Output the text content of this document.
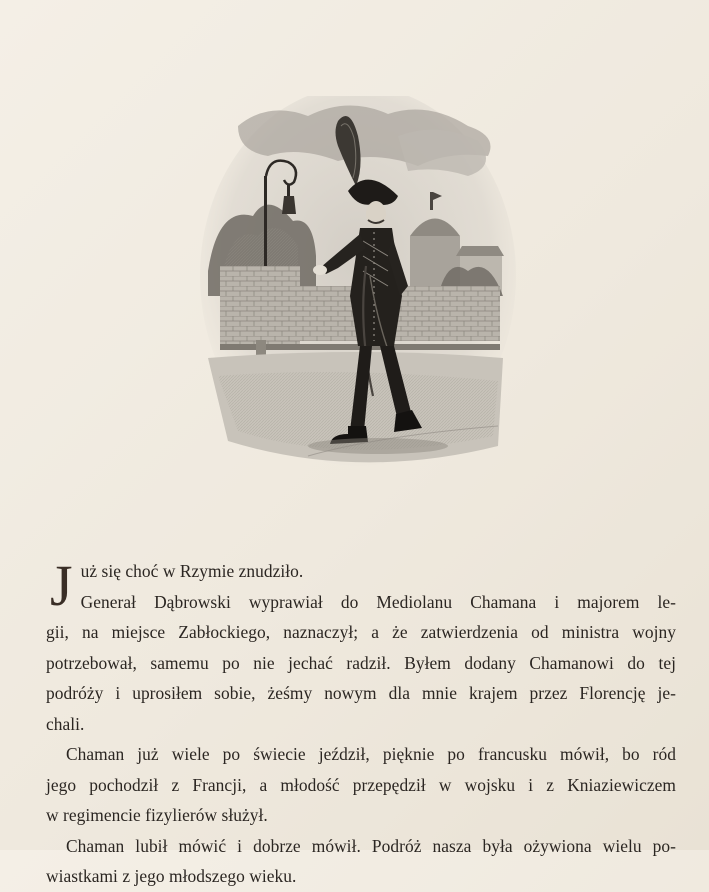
J uż się choć w Rzymie znudziło.
Generał Dąbrowski wyprawiał do Mediolanu Chamana i majorem le-
gii, na miejsce Zabłockiego, naznaczył; a że zatwierdzenia od ministra wojny
potrzebował, samemu po nie jechać radził. Byłem dodany Chamanowi do tej
podróży i uprosiłem sobie, żeśmy nowym dla mnie krajem przez Florencję je-
chali.

Chaman już wiele po świecie jeździł, pięknie po francusku mówił, bo ród
jego pochodził z Francji, a młodość przepędził w wojsku i z Kniaziewiczem
w regimencie fizylierów służył.

Chaman lubił mówić i dobrze mówił. Podróż nasza była ożywiona wielu po-
wiastkami z jego młodszego wieku.
